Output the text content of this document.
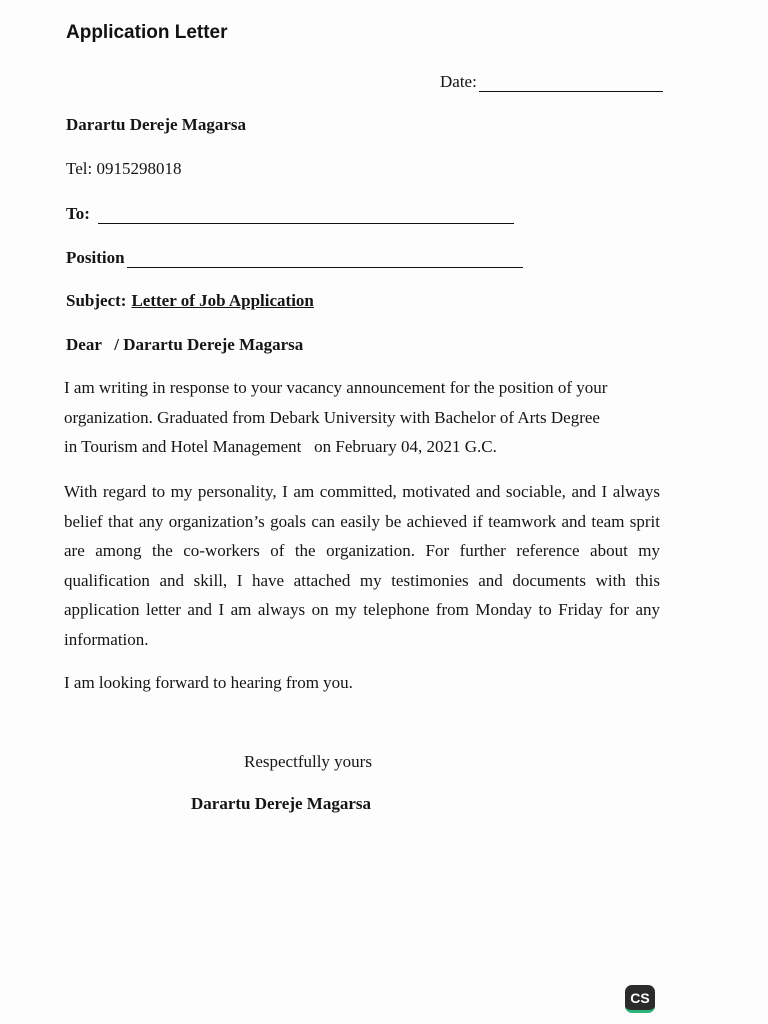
Application Letter
Date:
Darartu Dereje Magarsa
Tel: 0915298018
To:
Position
Subject: Letter of Job Application
Dear   / Darartu Dereje Magarsa
I am writing in response to your vacancy announcement for the position of your
organization. Graduated from Debark University with Bachelor of Arts Degree
in Tourism and Hotel Management   on February 04, 2021 G.C.
With regard to my personality, I am committed, motivated and sociable, and I always belief that any organization’s goals can easily be achieved if teamwork and team sprit are among the co-workers of the organization. For further reference about my qualification and skill, I have attached my testimonies and documents with this application letter and I am always on my telephone from Monday to Friday for any information.
I am looking forward to hearing from you.
Respectfully yours
Darartu Dereje Magarsa
CS
